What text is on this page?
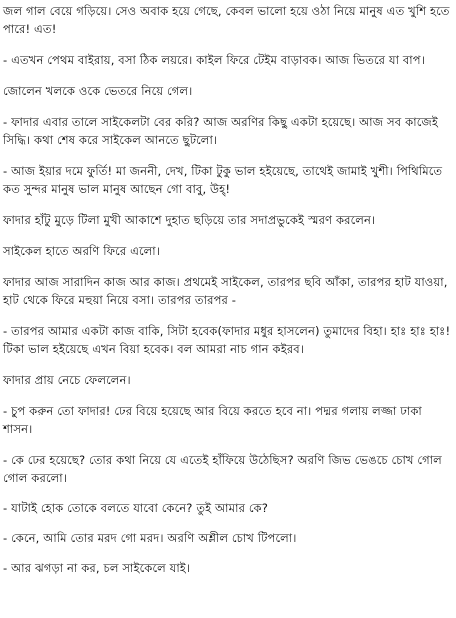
জল গাল বেয়ে গড়িয়ে। সেও অবাক হয়ে গেছে, কেবল ভালো হয়ে ওঠা নিয়ে মানুষ এত খুশি হতে পারে! এত!

- এতখন পেথম বাইরায়, বসা ঠিক লয়রে। কাইল ফিরে টেইম বাড়াবক। আজ ভিতরে যা বাপ।

জোলেন খলকে ওকে ভেতরে নিয়ে গেল।

- ফাদার এবার তালে সাইকেলটা বের করি? আজ অরণির কিছু একটা হয়েছে। আজ সব কাজেই সিদ্ধি। কথা শেষ করে সাইকেল আনতে ছুটলো।

- আজ ইয়ার দমে ফুর্তি! মা জননী, দেখ, টিকা টুকু ভাল হইয়েছে, তাথেই জামাই খুশী। পিথিমিতে কত সুন্দর মানুষ ভাল মানুষ আছেন গো বাবু, উহ্!

ফাদার হাঁটু মুড়ে টিলা মুখী আকাশে দুহাত ছড়িয়ে তার সদাপ্রভুকেই স্মরণ করলেন।

সাইকেল হাতে অরণি ফিরে এলো।

ফাদার আজ সারাদিন কাজ আর কাজ। প্রথমেই সাইকেল, তারপর ছবি আঁকা, তারপর হাট যাওয়া, হাট থেকে ফিরে মহুয়া নিয়ে বসা। তারপর তারপর -

- তারপর আমার একটা কাজ বাকি, সিটা হবেক(ফাদার মধুর হাসলেন) তুমাদের বিহা। হাঃ হাঃ হাঃ! টিকা ভাল হইয়েছে এখন বিয়া হবেক। বল আমরা নাচ গান কইরব।

ফাদার প্রায় নেচে ফেললেন।

- চুপ করুন তো ফাদার! ঢের বিয়ে হয়েছে আর বিয়ে করতে হবে না। পদ্মর গলায় লজ্জা ঢাকা শাসন।

- কে ঢের হয়েছে? তোর কথা নিয়ে যে এতেই হাঁফিয়ে উঠেছিস? অরণি জিভ ভেঙচে চোখ গোল গোল করলো।

- যাটাই হোক তোকে বলতে যাবো কেনে? তুই আমার কে?

- কেনে, আমি তোর মরদ গো মরদ। অরণি অশ্লীল চোখ টিপলো।

- আর ঝগড়া না কর, চল সাইকেলে যাই।
